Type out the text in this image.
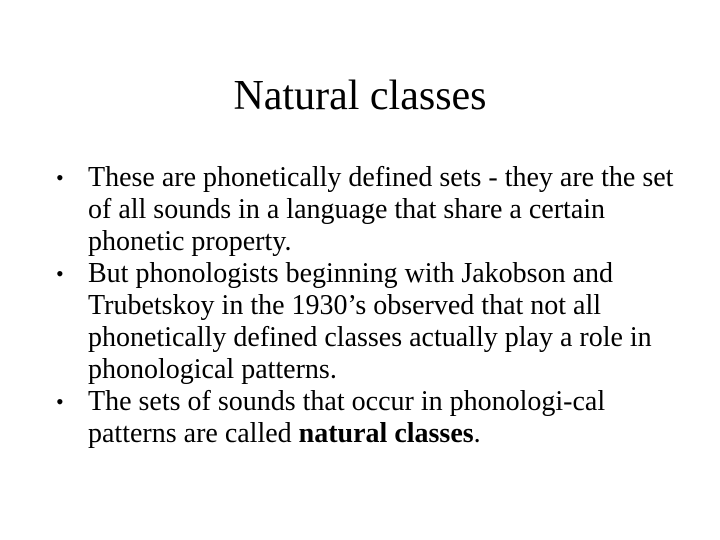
Natural classes
• These are phonetically defined sets - they are the set of all sounds in a language that share a certain phonetic property.
• But phonologists beginning with Jakobson and Trubetskoy in the 1930’s observed that not all phonetically defined classes actually play a role in phonological patterns.
• The sets of sounds that occur in phonologi-cal patterns are called natural classes.
